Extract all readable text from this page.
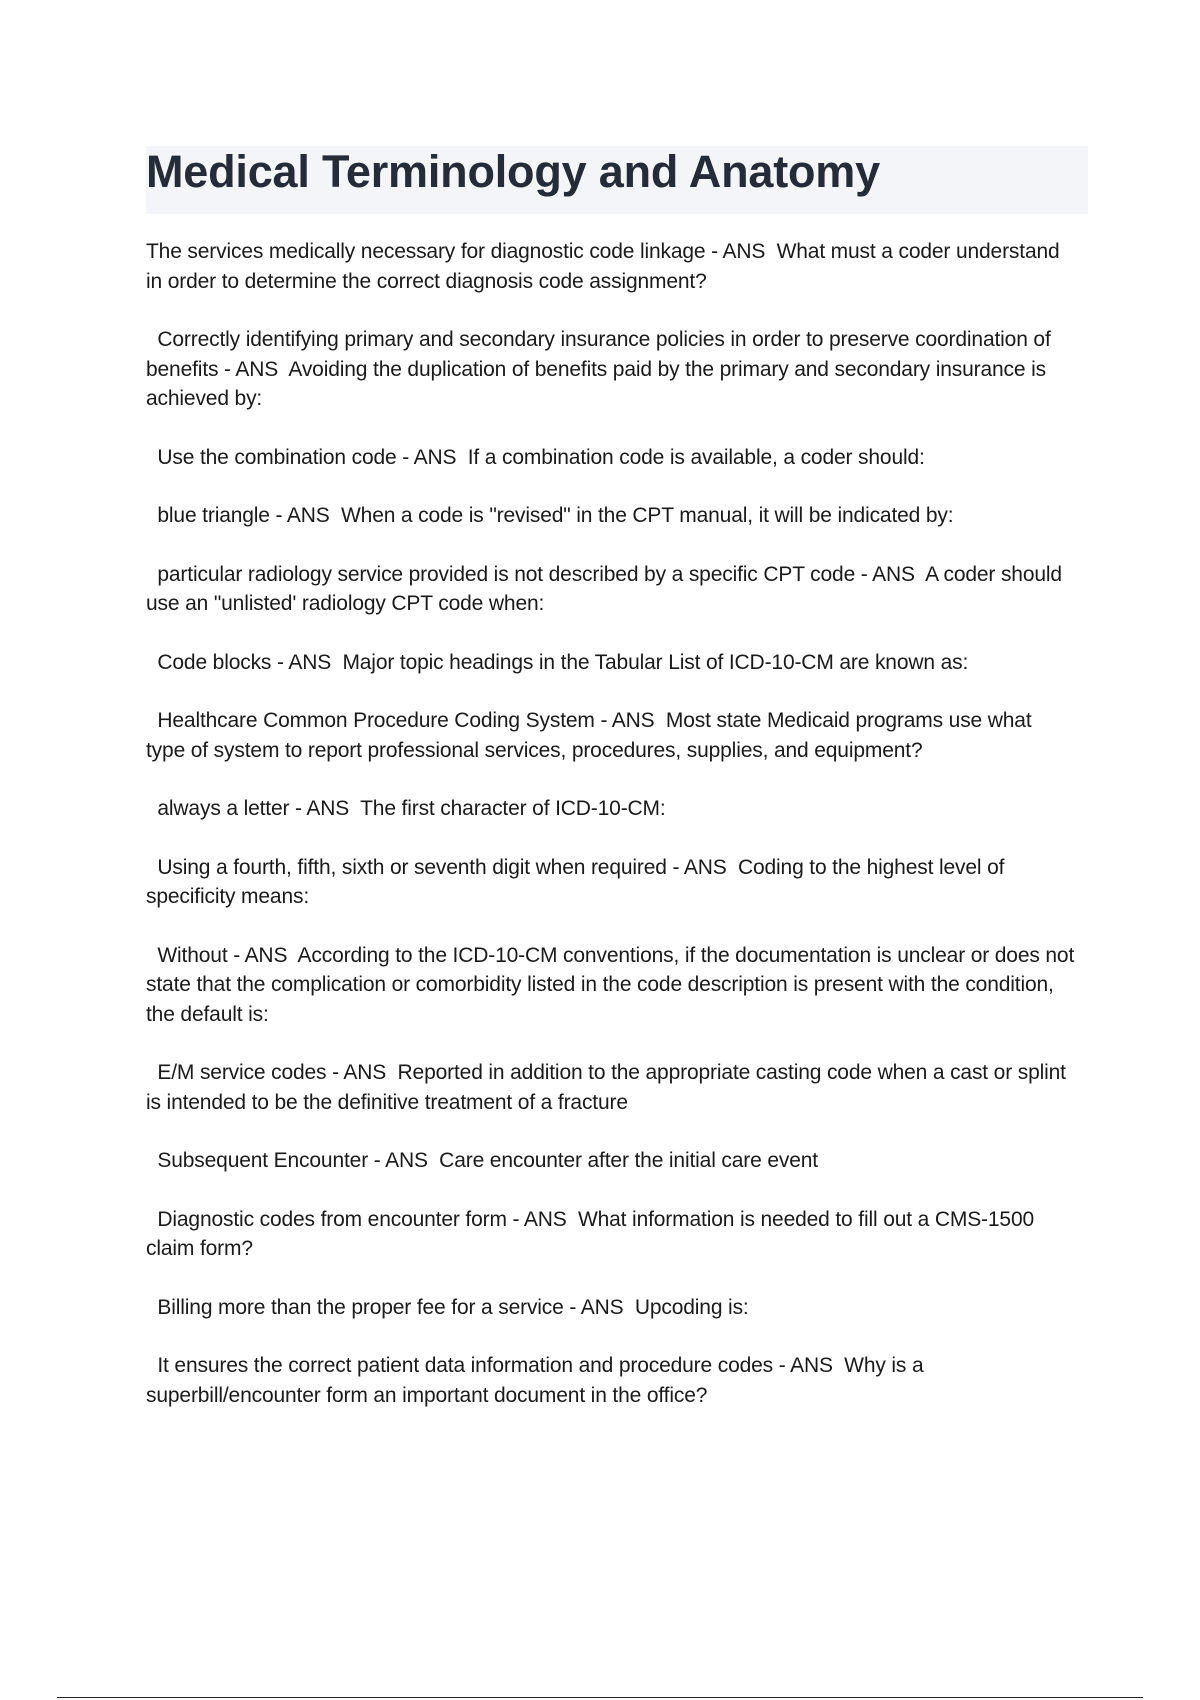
Medical Terminology and Anatomy

The services medically necessary for diagnostic code linkage - ANS  What must a coder understand in order to determine the correct diagnosis code assignment?

Correctly identifying primary and secondary insurance policies in order to preserve coordination of benefits - ANS  Avoiding the duplication of benefits paid by the primary and secondary insurance is achieved by:

Use the combination code - ANS  If a combination code is available, a coder should:

blue triangle - ANS  When a code is "revised" in the CPT manual, it will be indicated by:

particular radiology service provided is not described by a specific CPT code - ANS  A coder should use an "unlisted' radiology CPT code when:

Code blocks - ANS  Major topic headings in the Tabular List of ICD-10-CM are known as:

Healthcare Common Procedure Coding System - ANS  Most state Medicaid programs use what type of system to report professional services, procedures, supplies, and equipment?

always a letter - ANS  The first character of ICD-10-CM:

Using a fourth, fifth, sixth or seventh digit when required - ANS  Coding to the highest level of specificity means:

Without - ANS  According to the ICD-10-CM conventions, if the documentation is unclear or does not state that the complication or comorbidity listed in the code description is present with the condition, the default is:

E/M service codes - ANS  Reported in addition to the appropriate casting code when a cast or splint is intended to be the definitive treatment of a fracture

Subsequent Encounter - ANS  Care encounter after the initial care event

Diagnostic codes from encounter form - ANS  What information is needed to fill out a CMS-1500 claim form?

Billing more than the proper fee for a service - ANS  Upcoding is:

It ensures the correct patient data information and procedure codes - ANS  Why is a superbill/encounter form an important document in the office?
